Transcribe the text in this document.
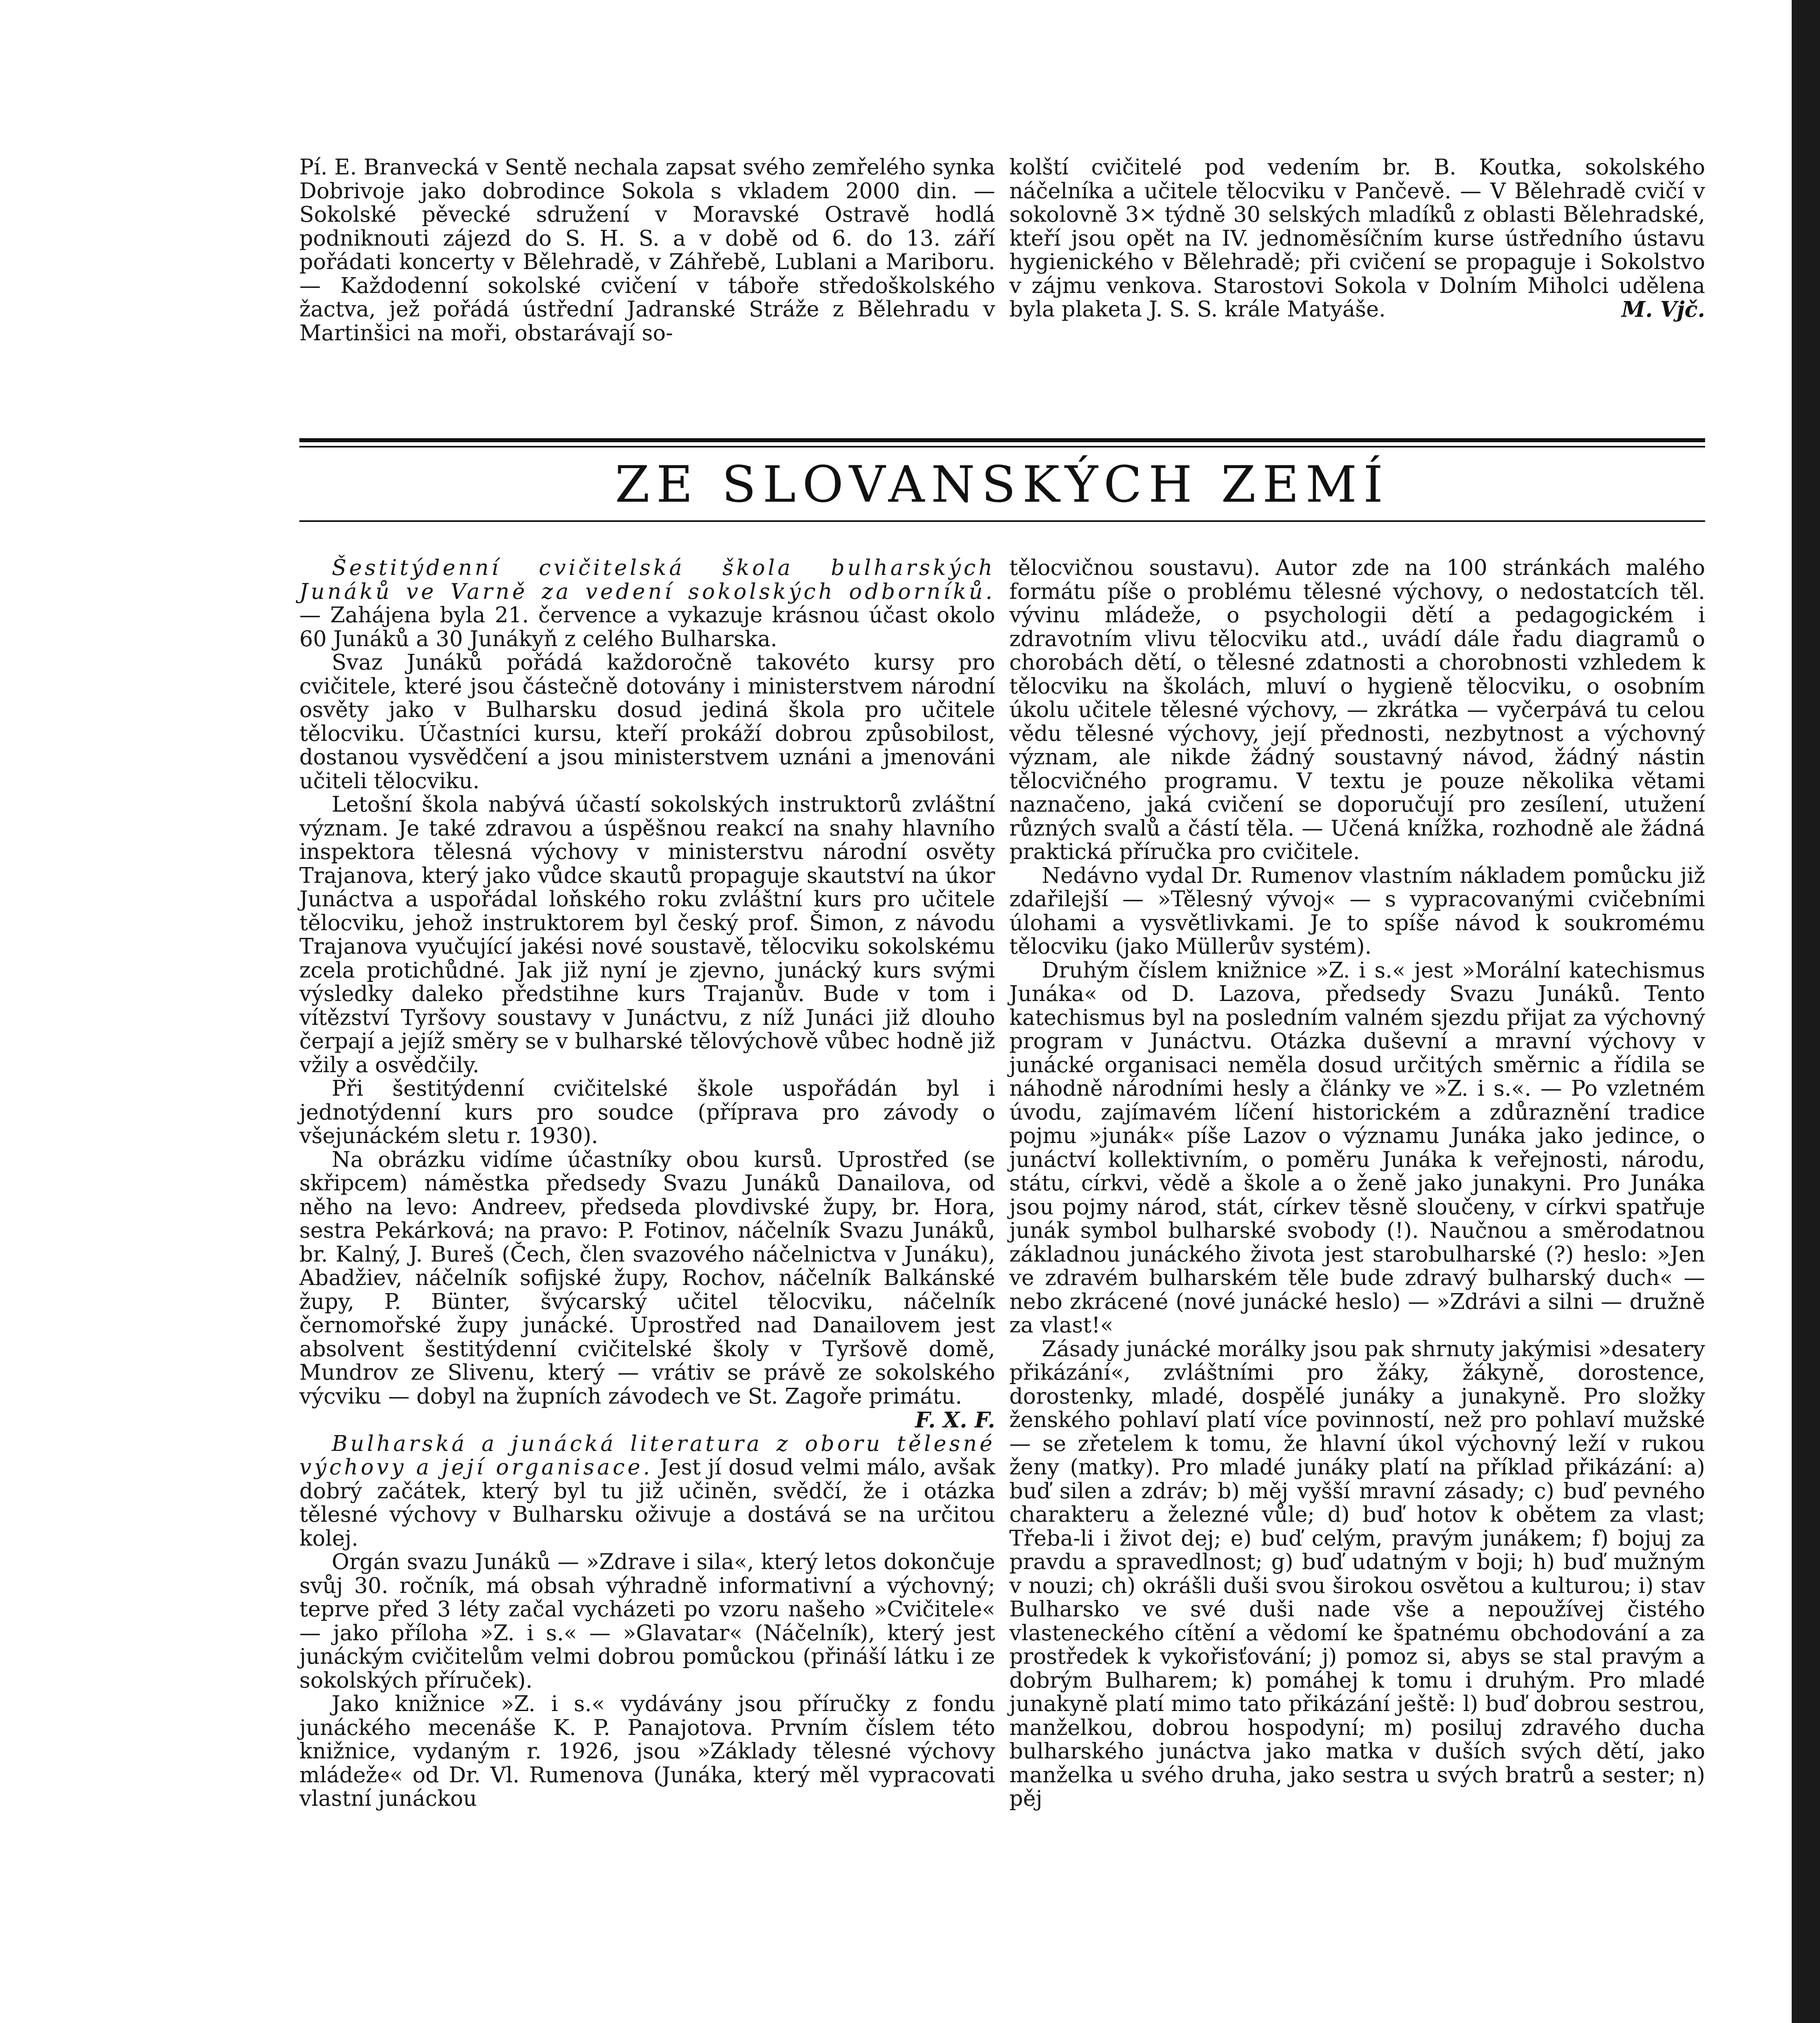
Pí. E. Branvecká v Sentě nechala zapsat svého zemřelého synka Dobrivoje jako dobrodince Sokola s vkladem 2000 din. — Sokolské pěvecké sdružení v Moravské Ostravě hodlá podniknouti zájezd do S. H. S. a v době od 6. do 13. září pořádati koncerty v Bělehradě, v Záhřebě, Lublani a Mariboru. — Každodenní sokolské cvičení v táboře středoškolského žactva, jež pořádá ústřední Jadranské Stráže z Bělehradu v Martinšici na moři, obstarávají so-

kolští cvičitelé pod vedením br. B. Koutka, sokolského náčelníka a učitele tělocviku v Pančevě. — V Bělehradě cvičí v sokolovně 3× týdně 30 selských mladíků z oblasti Bělehradské, kteří jsou opět na IV. jednoměsíčním kurse ústředního ústavu hygienického v Bělehradě; při cvičení se propaguje i Sokolstvo v zájmu venkova. Starostovi Sokola v Dolním Miholci udělena byla plaketa J. S. S. krále Matyáše.	M. Vjč.

ZE SLOVANSKÝCH ZEMÍ

Šestitýdenní cvičitelská škola bulharských Junáků ve Varně za vedení sokolských odborníků. — Zahájena byla 21. července a vykazuje krásnou účast okolo 60 Junáků a 30 Junákyň z celého Bulharska.

Svaz Junáků pořádá každoročně takovéto kursy pro cvičitele, které jsou částečně dotovány i ministerstvem národní osvěty jako v Bulharsku dosud jediná škola pro učitele tělocviku. Účastníci kursu, kteří prokáží dobrou způsobilost, dostanou vysvědčení a jsou ministerstvem uznáni a jmenováni učiteli tělocviku.

Letošní škola nabývá účastí sokolských instruktorů zvláštní význam. Je také zdravou a úspěšnou reakcí na snahy hlavního inspektora tělesná výchovy v ministerstvu národní osvěty Trajanova, který jako vůdce skautů propaguje skautství na úkor Junáctva a uspořádal loňského roku zvláštní kurs pro učitele tělocviku, jehož instruktorem byl český prof. Šimon, z návodu Trajanova vyučující jakési nové soustavě, tělocviku sokolskému zcela protichůdné. Jak již nyní je zjevno, junácký kurs svými výsledky daleko předstihne kurs Trajanův. Bude v tom i vítězství Tyršovy soustavy v Junáctvu, z níž Junáci již dlouho čerpají a jejíž směry se v bulharské tělovýchově vůbec hodně již vžily a osvědčily.

Při šestitýdenní cvičitelské škole uspořádán byl i jednotýdenní kurs pro soudce (příprava pro závody o všejunáckém sletu r. 1930).

Na obrázku vidíme účastníky obou kursů. Uprostřed (se skřipcem) náměstka předsedy Svazu Junáků Danailova, od něho na levo: Andreev, předseda plovdivské župy, br. Hora, sestra Pekárková; na pravo: P. Fotinov, náčelník Svazu Junáků, br. Kalný, J. Bureš (Čech, člen svazového náčelnictva v Junáku), Abadžiev, náčelník sofijské župy, Rochov, náčelník Balkánské župy, P. Bünter, švýcarský učitel tělocviku, náčelník černomořské župy junácké. Uprostřed nad Danailovem jest absolvent šestitýdenní cvičitelské školy v Tyršově domě, Mundrov ze Slivenu, který — vrátiv se právě ze sokolského výcviku — dobyl na župních závodech ve St. Zagoře primátu.
F. X. F.

Bulharská a junácká literatura z oboru tělesné výchovy a její organisace. Jest jí dosud velmi málo, avšak dobrý začátek, který byl tu již učiněn, svědčí, že i otázka tělesné výchovy v Bulharsku oživuje a dostává se na určitou kolej.

Orgán svazu Junáků — »Zdrave i sila«, který letos dokončuje svůj 30. ročník, má obsah výhradně informativní a výchovný; teprve před 3 léty začal vycházeti po vzoru našeho »Cvičitele« — jako příloha »Z. i s.« — »Glavatar« (Náčelník), který jest junáckým cvičitelům velmi dobrou pomůckou (přináší látku i ze sokolských příruček).

Jako knižnice »Z. i s.« vydávány jsou příručky z fondu junáckého mecenáše K. P. Panajotova. Prvním číslem této knižnice, vydaným r. 1926, jsou »Základy tělesné výchovy mládeže« od Dr. Vl. Rumenova (Junáka, který měl vypracovati vlastní junáckou

tělocvičnou soustavu). Autor zde na 100 stránkách malého formátu píše o problému tělesné výchovy, o nedostatcích těl. vývinu mládeže, o psychologii dětí a pedagogickém i zdravotním vlivu tělocviku atd., uvádí dále řadu diagramů o chorobách dětí, o tělesné zdatnosti a chorobnosti vzhledem k tělocviku na školách, mluví o hygieně tělocviku, o osobním úkolu učitele tělesné výchovy, — zkrátka — vyčerpává tu celou vědu tělesné výchovy, její přednosti, nezbytnost a výchovný význam, ale nikde žádný soustavný návod, žádný nástin tělocvičného programu. V textu je pouze několika větami naznačeno, jaká cvičení se doporučují pro zesílení, utužení různých svalů a částí těla. — Učená knížka, rozhodně ale žádná praktická příručka pro cvičitele.

Nedávno vydal Dr. Rumenov vlastním nákladem pomůcku již zdařilejší — »Tělesný vývoj« — s vypracovanými cvičebními úlohami a vysvětlivkami. Je to spíše návod k soukromému tělocviku (jako Müllerův systém).

Druhým číslem knižnice »Z. i s.« jest »Morální katechismus Junáka« od D. Lazova, předsedy Svazu Junáků. Tento katechismus byl na posledním valném sjezdu přijat za výchovný program v Junáctvu. Otázka duševní a mravní výchovy v junácké organisaci neměla dosud určitých směrnic a řídila se náhodně národními hesly a články ve »Z. i s.«. — Po vzletném úvodu, zajímavém líčení historickém a zdůraznění tradice pojmu »junák« píše Lazov o významu Junáka jako jedince, o junáctví kollektivním, o poměru Junáka k veřejnosti, národu, státu, církvi, vědě a škole a o ženě jako junakyni. Pro Junáka jsou pojmy národ, stát, církev těsně sloučeny, v církvi spatřuje junák symbol bulharské svobody (!). Naučnou a směrodatnou základnou junáckého života jest starobulharské (?) heslo: »Jen ve zdravém bulharském těle bude zdravý bulharský duch« — nebo zkrácené (nové junácké heslo) — »Zdrávi a silni — družně za vlast!«

Zásady junácké morálky jsou pak shrnuty jakýmisi »desatery přikázání«, zvláštními pro žáky, žákyně, dorostence, dorostenky, mladé, dospělé junáky a junakyně. Pro složky ženského pohlaví platí více povinností, než pro pohlaví mužské — se zřetelem k tomu, že hlavní úkol výchovný leží v rukou ženy (matky). Pro mladé junáky platí na příklad přikázání: a) buď silen a zdráv; b) měj vyšší mravní zásady; c) buď pevného charakteru a železné vůle; d) buď hotov k obětem za vlast; Třeba-li i život dej; e) buď celým, pravým junákem; f) bojuj za pravdu a spravedlnost; g) buď udatným v boji; h) buď mužným v nouzi; ch) okrášli duši svou širokou osvětou a kulturou; i) stav Bulharsko ve své duši nade vše a nepoužívej čistého vlasteneckého cítění a vědomí ke špatnému obchodování a za prostředek k vykořisťování; j) pomoz si, abys se stal pravým a dobrým Bulharem; k) pomáhej k tomu i druhým. Pro mladé junakyně platí mimo tato přikázání ještě: l) buď dobrou sestrou, manželkou, dobrou hospodyní; m) posiluj zdravého ducha bulharského junáctva jako matka v duších svých dětí, jako manželka u svého druha, jako sestra u svých bratrů a sester; n) pěj
